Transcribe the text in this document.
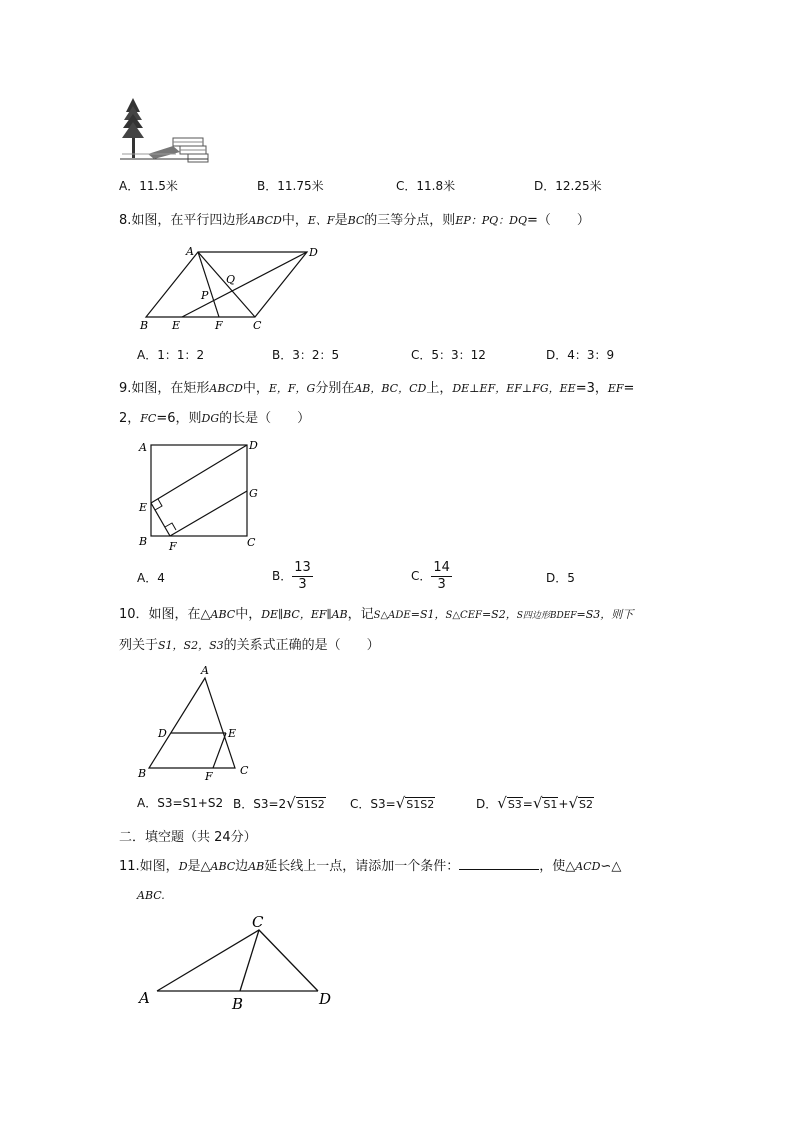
A．11.5米	B．11.75米	C．11.8米	D．12.25米
8.如图，在平行四边形ABCD中，E、F是BC的三等分点，则EP：PQ：DQ=（　　）
A	D
Q
P
B E	F	C
A．1：1：2	B．3：2：5	C．5：3：12	D．4：3：9
9.如图，在矩形ABCD中，E，F，G分别在AB，BC，CD上，DE⊥EF，EF⊥FG，EE=3，EF=
2，FC=6，则DG的长是（　　）
A	D
G
E
B F	C
A．4	B． $\frac{13}{3}$	C． $\frac{14}{3}$	D．5
10．如图，在△ABC中，DE∥BC，EF∥AB，记S△ADE=S1，S△CEF=S2，S四边形BDEF=S3，则下
列关于S1，S2，S3的关系式正确的是（　　）
A
D	E
B	F C
A．S3=S1+S2 B．S3=2√S1S2 C．S3=√S1S2	D．√S3=√S1+√S2
二．填空题（共 24分）
11.如图，D是△ABC边AB延长线上一点，请添加一个条件：	，使△ACD∽△
ABC.
C
A	B	D
